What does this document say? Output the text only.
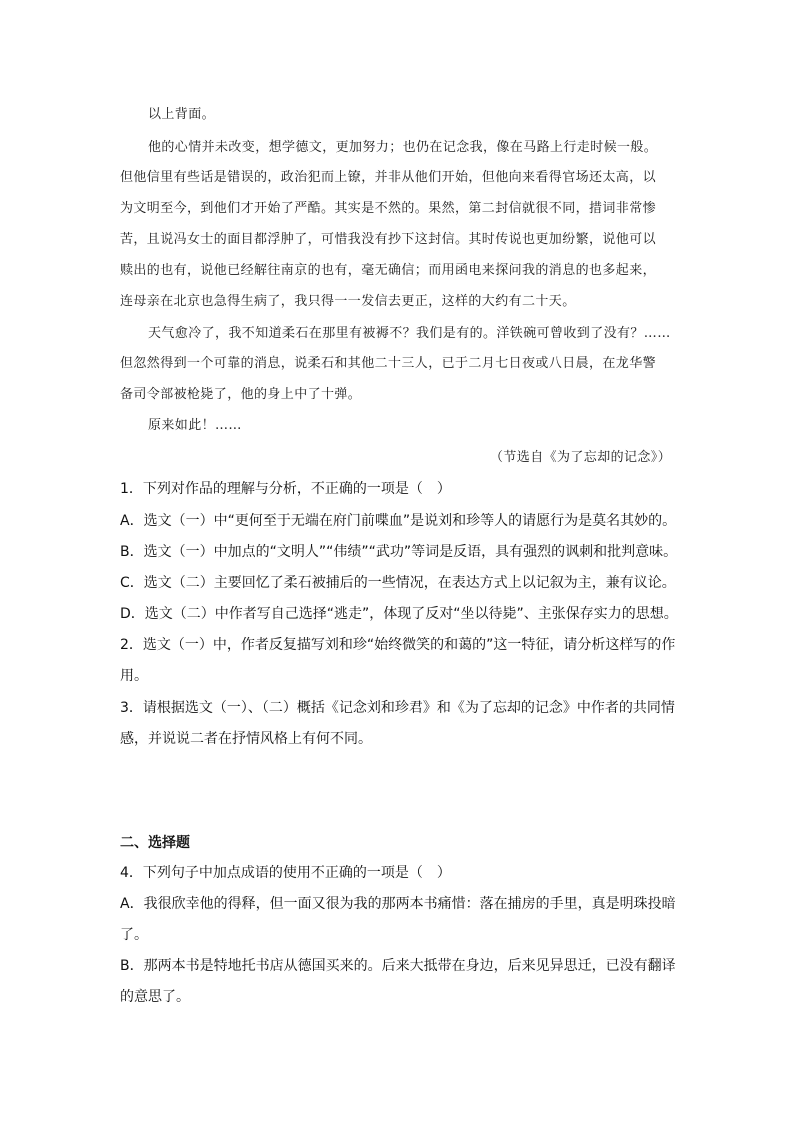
以上背面。
他的心情并未改变，想学德文，更加努力；也仍在记念我，像在马路上行走时候一般。
但他信里有些话是错误的，政治犯而上镣，并非从他们开始，但他向来看得官场还太高，以
为文明至今，到他们才开始了严酷。其实是不然的。果然，第二封信就很不同，措词非常惨
苦，且说冯女士的面目都浮肿了，可惜我没有抄下这封信。其时传说也更加纷繁，说他可以
赎出的也有，说他已经解往南京的也有，毫无确信；而用函电来探问我的消息的也多起来，
连母亲在北京也急得生病了，我只得一一发信去更正，这样的大约有二十天。
天气愈冷了，我不知道柔石在那里有被褥不？我们是有的。洋铁碗可曾收到了没有？……
但忽然得到一个可靠的消息，说柔石和其他二十三人，已于二月七日夜或八日晨，在龙华警
备司令部被枪毙了，他的身上中了十弹。
原来如此！……
（节选自《为了忘却的记念》）
1．下列对作品的理解与分析，不正确的一项是（　）
A．选文（一）中“更何至于无端在府门前喋血”是说刘和珍等人的请愿行为是莫名其妙的。
B．选文（一）中加点的“文明人”“伟绩”“武功”等词是反语，具有强烈的讽刺和批判意味。
C．选文（二）主要回忆了柔石被捕后的一些情况，在表达方式上以记叙为主，兼有议论。
D．选文（二）中作者写自己选择“逃走”，体现了反对“坐以待毙”、主张保存实力的思想。
2．选文（一）中，作者反复描写刘和珍“始终微笑的和蔼的”这一特征，请分析这样写的作
用。
3．请根据选文（一）、（二）概括《记念刘和珍君》和《为了忘却的记念》中作者的共同情
感，并说说二者在抒情风格上有何不同。
二、选择题
4．下列句子中加点成语的使用不正确的一项是（　）
A．我很欣幸他的得释，但一面又很为我的那两本书痛惜：落在捕房的手里，真是明珠投暗
了。
B．那两本书是特地托书店从德国买来的。后来大抵带在身边，后来见异思迁，已没有翻译
的意思了。
